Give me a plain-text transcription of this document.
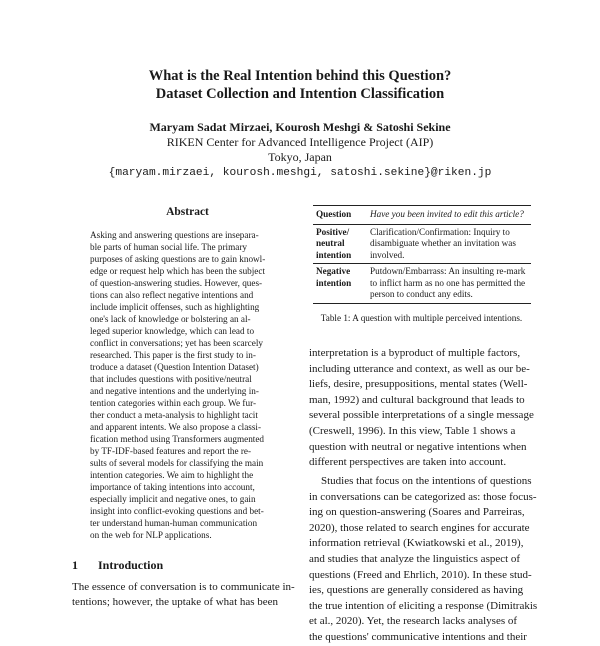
What is the Real Intention behind this Question?
Dataset Collection and Intention Classification
Maryam Sadat Mirzaei, Kourosh Meshgi & Satoshi Sekine
RIKEN Center for Advanced Intelligence Project (AIP)
Tokyo, Japan
{maryam.mirzaei, kourosh.meshgi, satoshi.sekine}@riken.jp
Abstract
Asking and answering questions are insepara-
ble parts of human social life. The primary
purposes of asking questions are to gain knowl-
edge or request help which has been the subject
of question-answering studies. However, ques-
tions can also reflect negative intentions and
include implicit offenses, such as highlighting
one's lack of knowledge or bolstering an al-
leged superior knowledge, which can lead to
conflict in conversations; yet has been scarcely
researched. This paper is the first study to in-
troduce a dataset (Question Intention Dataset)
that includes questions with positive/neutral
and negative intentions and the underlying in-
tention categories within each group. We fur-
ther conduct a meta-analysis to highlight tacit
and apparent intents. We also propose a classi-
fication method using Transformers augmented
by TF-IDF-based features and report the re-
sults of several models for classifying the main
intention categories. We aim to highlight the
importance of taking intentions into account,
especially implicit and negative ones, to gain
insight into conflict-evoking questions and bet-
ter understand human-human communication
on the web for NLP applications.
1 Introduction
The essence of conversation is to communicate in-
tentions; however, the uptake of what has been
Question	Have you been invited to edit this article?
Positive/ neutral intention	Clarification/Confirmation: Inquiry to disambiguate whether an invitation was involved.
Negative intention	Putdown/Embarrass: An insulting re-mark to inflict harm as no one has permitted the person to conduct any edits.
Table 1: A question with multiple perceived intentions.
interpretation is a byproduct of multiple factors,
including utterance and context, as well as our be-
liefs, desire, presuppositions, mental states (Well-
man, 1992) and cultural background that leads to
several possible interpretations of a single message
(Creswell, 1996). In this view, Table 1 shows a
question with neutral or negative intentions when
different perspectives are taken into account.
Studies that focus on the intentions of questions
in conversations can be categorized as: those focus-
ing on question-answering (Soares and Parreiras,
2020), those related to search engines for accurate
information retrieval (Kwiatkowski et al., 2019),
and studies that analyze the linguistics aspect of
questions (Freed and Ehrlich, 2010). In these stud-
ies, questions are generally considered as having
the true intention of eliciting a response (Dimitrakis
et al., 2020). Yet, the research lacks analyses of
the questions' communicative intentions and their
